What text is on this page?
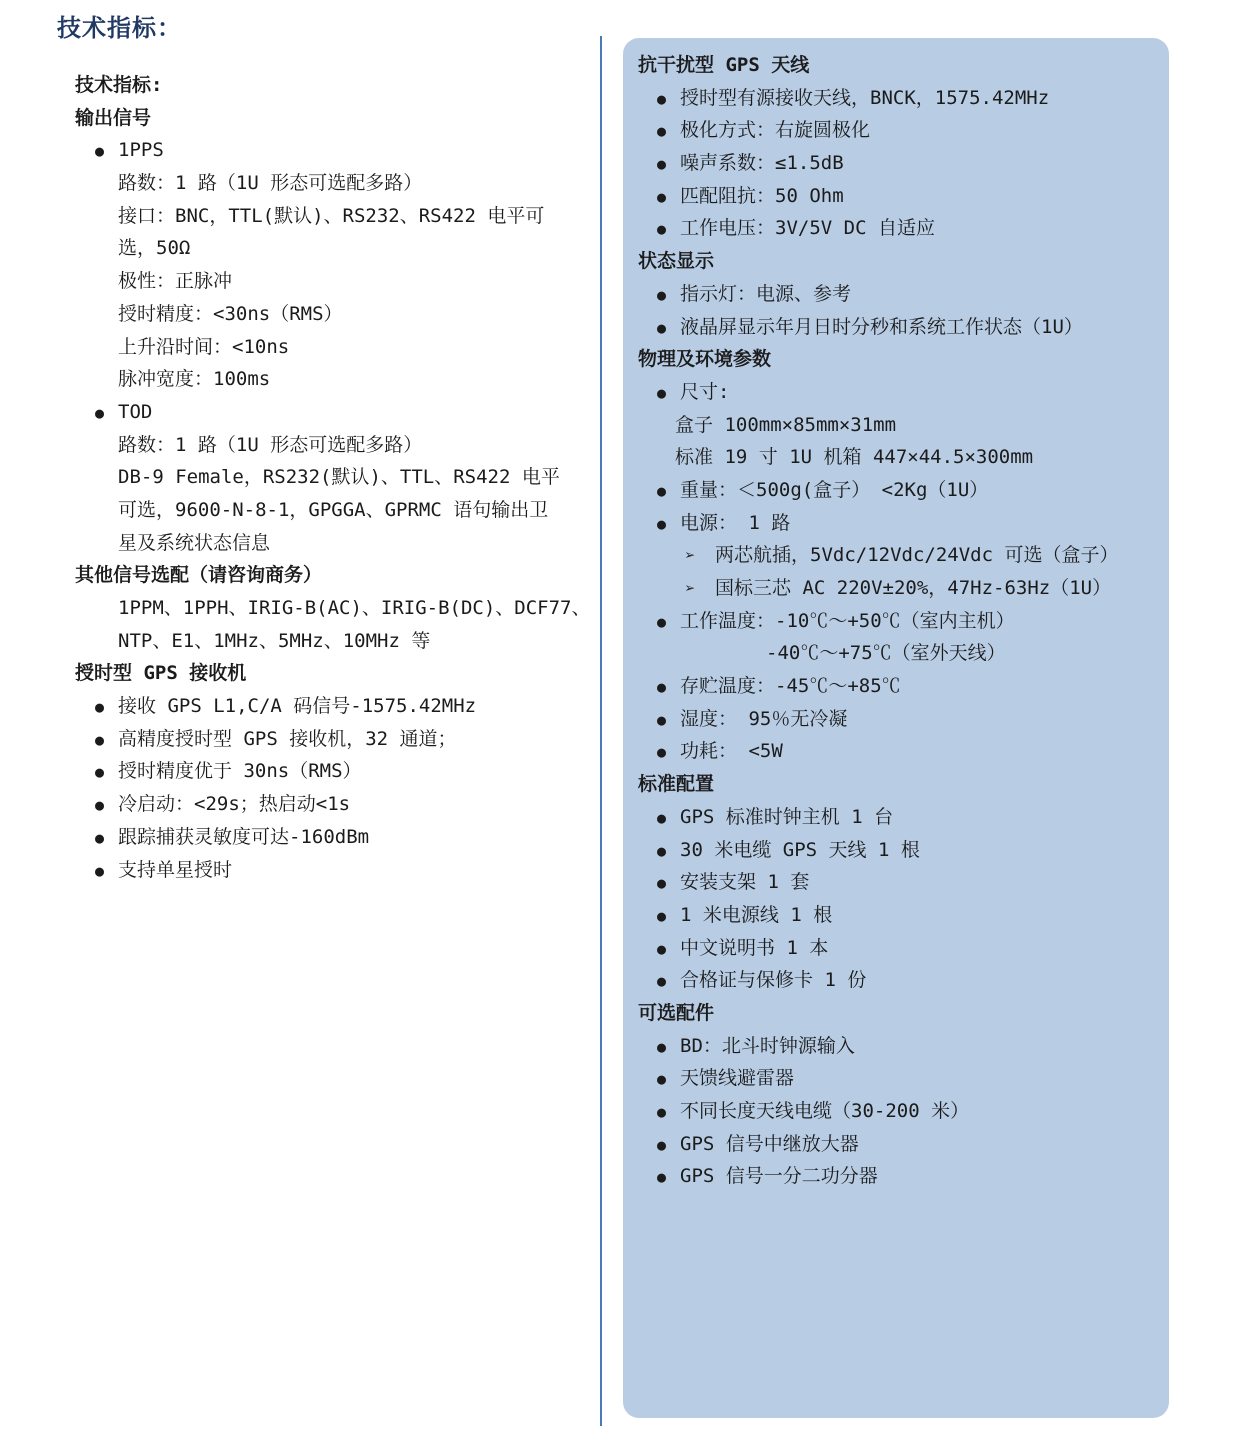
技术指标：
技术指标:
输出信号
● 1PPS
路数：1 路（1U 形态可选配多路）
接口：BNC，TTL(默认)、RS232、RS422 电平可
选，50Ω
极性：正脉冲
授时精度：<30ns（RMS）
上升沿时间：<10ns
脉冲宽度：100ms
● TOD
路数：1 路（1U 形态可选配多路）
DB-9 Female，RS232(默认)、TTL、RS422 电平
可选，9600-N-8-1，GPGGA、GPRMC 语句输出卫
星及系统状态信息
其他信号选配（请咨询商务）
1PPM、1PPH、IRIG-B(AC)、IRIG-B(DC)、DCF77、
NTP、E1、1MHz、5MHz、10MHz 等
授时型 GPS 接收机
● 接收 GPS L1,C/A 码信号-1575.42MHz
● 高精度授时型 GPS 接收机，32 通道；
● 授时精度优于 30ns（RMS）
● 冷启动：<29s；热启动<1s
● 跟踪捕获灵敏度可达-160dBm
● 支持单星授时
抗干扰型 GPS 天线
● 授时型有源接收天线，BNCK，1575.42MHz
● 极化方式：右旋圆极化
● 噪声系数：≤1.5dB
● 匹配阻抗：50 Ohm
● 工作电压：3V/5V DC 自适应
状态显示
● 指示灯：电源、参考
● 液晶屏显示年月日时分秒和系统工作状态（1U）
物理及环境参数
● 尺寸:
盒子 100mm×85mm×31mm
标准 19 寸 1U 机箱 447×44.5×300mm
● 重量：＜500g(盒子） <2Kg（1U）
● 电源： 1 路
➢ 两芯航插，5Vdc/12Vdc/24Vdc 可选（盒子）
➢ 国标三芯 AC 220V±20%，47Hz-63Hz（1U）
● 工作温度：-10℃～+50℃（室内主机）
-40℃～+75℃（室外天线）
● 存贮温度：-45℃～+85℃
● 湿度： 95％无冷凝
● 功耗： <5W
标准配置
● GPS 标准时钟主机 1 台
● 30 米电缆 GPS 天线 1 根
● 安装支架 1 套
● 1 米电源线 1 根
● 中文说明书 1 本
● 合格证与保修卡 1 份
可选配件
● BD：北斗时钟源输入
● 天馈线避雷器
● 不同长度天线电缆（30-200 米）
● GPS 信号中继放大器
● GPS 信号一分二功分器
